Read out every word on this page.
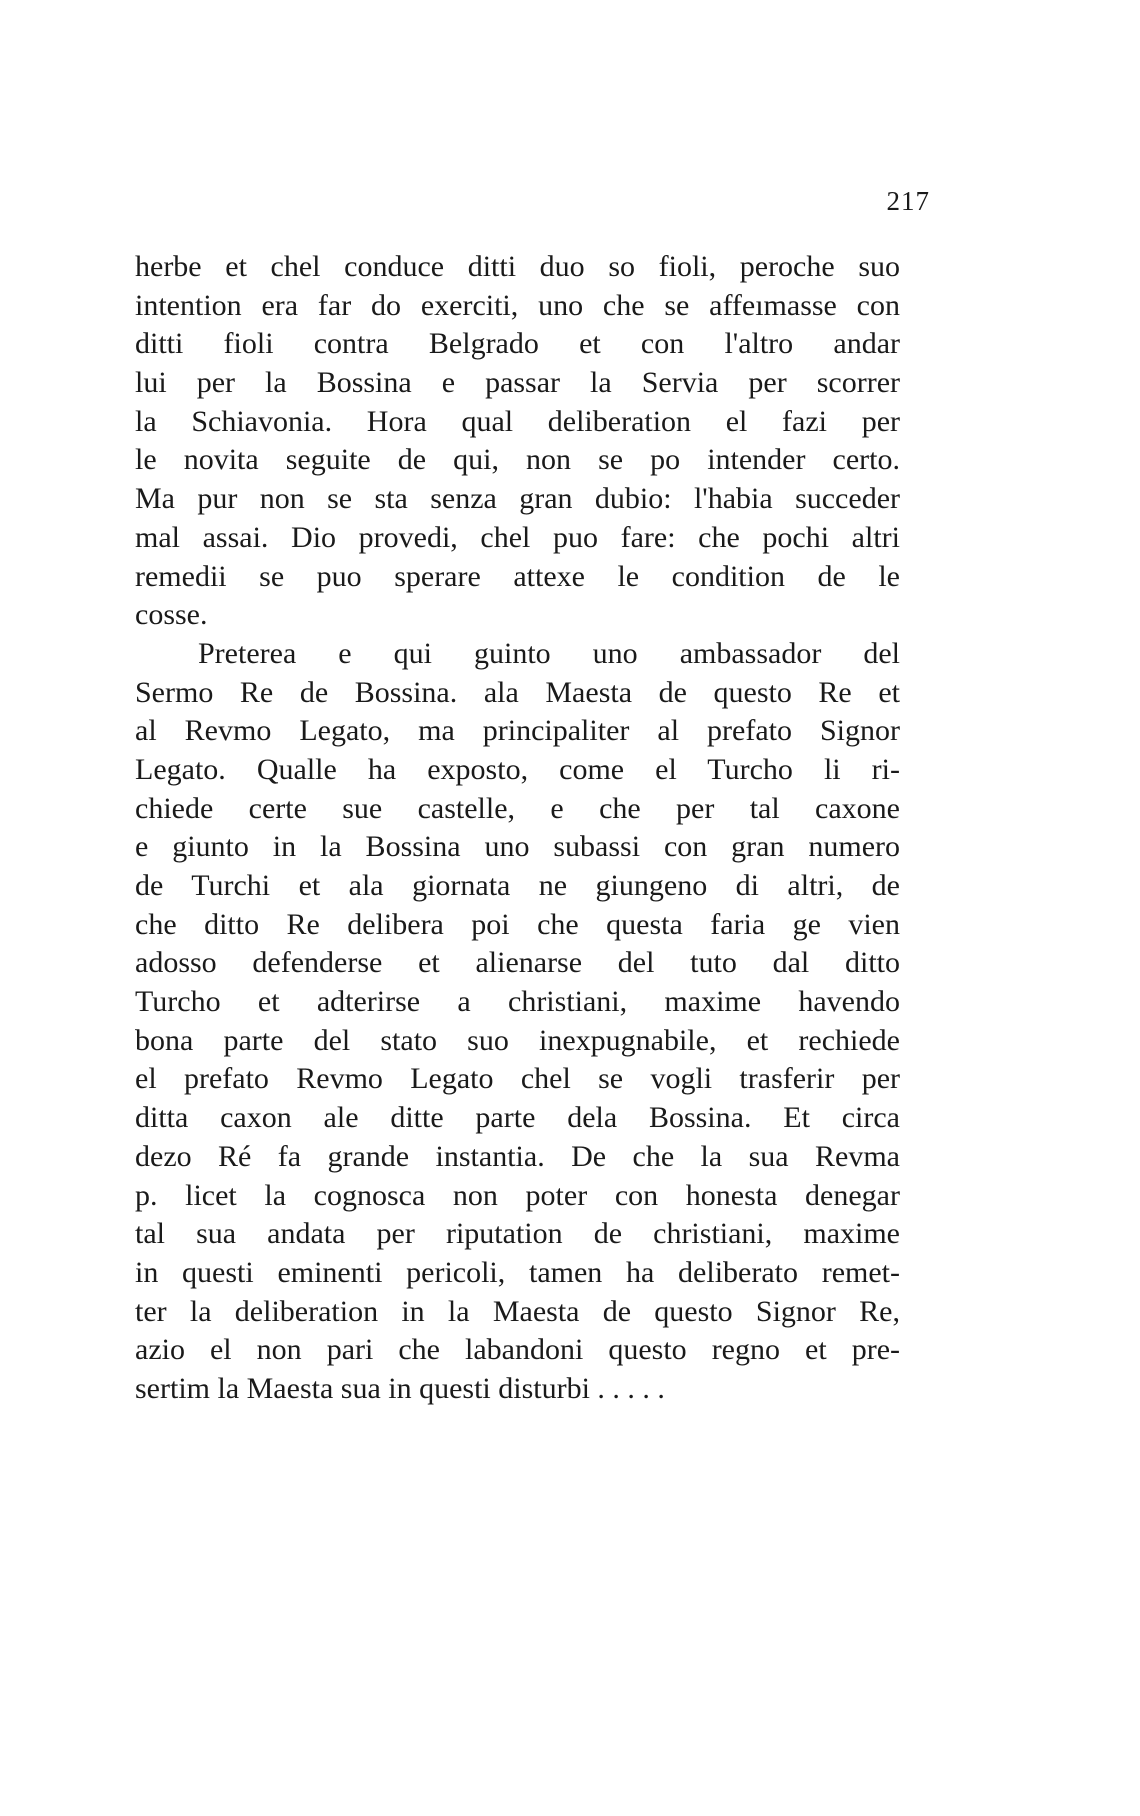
217
herbe et chel conduce ditti duo so fioli, peroche suo
intention era far do exerciti, uno che se affeımasse con
ditti fioli contra Belgrado et con l'altro andar
lui per la Bossina e passar la Servia per scorrer
la Schiavonia. Hora qual deliberation el fazi per
le novita seguite de qui, non se po intender certo.
Ma pur non se sta senza gran dubio: l'habia succeder
mal assai. Dio provedi, chel puo fare: che pochi altri
remedii se puo sperare attexe le condition de le
cosse.
Preterea e qui guinto uno ambassador del
Sermo Re de Bossina. ala Maesta de questo Re et
al Revmo Legato, ma principaliter al prefato Signor
Legato. Qualle ha exposto, come el Turcho li ri-
chiede certe sue castelle, e che per tal caxone
e giunto in la Bossina uno subassi con gran numero
de Turchi et ala giornata ne giungeno di altri, de
che ditto Re delibera poi che questa faria ge vien
adosso defenderse et alienarse del tuto dal ditto
Turcho et adterirse a christiani, maxime havendo
bona parte del stato suo inexpugnabile, et rechiede
el prefato Revmo Legato chel se vogli trasferir per
ditta caxon ale ditte parte dela Bossina. Et circa
dezo Ré fa grande instantia. De che la sua Revma
p. licet la cognosca non poter con honesta denegar
tal sua andata per riputation de christiani, maxime
in questi eminenti pericoli, tamen ha deliberato remet-
ter la deliberation in la Maesta de questo Signor Re,
azio el non pari che labandoni questo regno et pre-
sertim la Maesta sua in questi disturbi . . . . .
